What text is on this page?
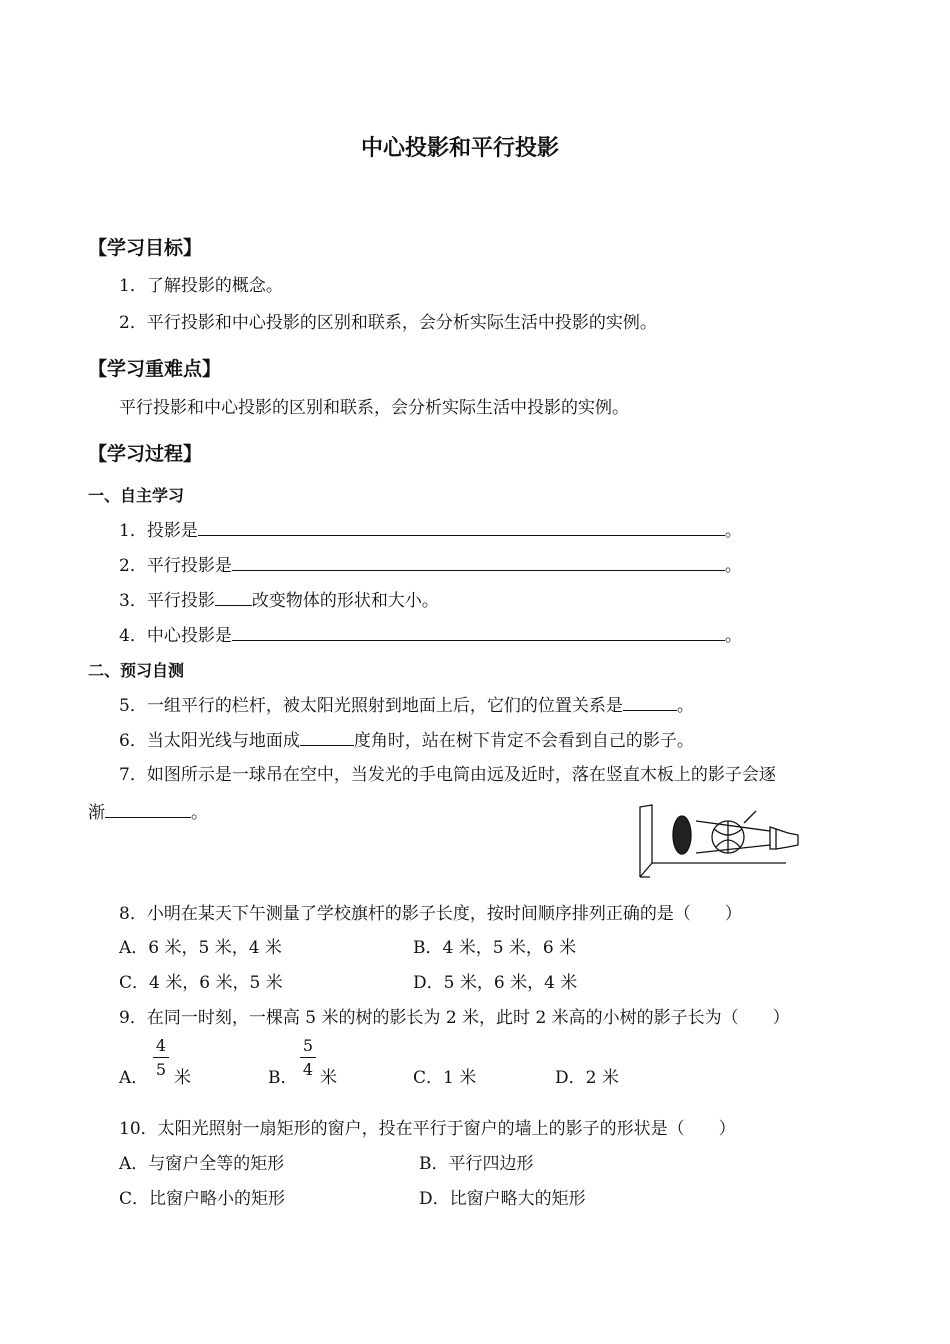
中心投影和平行投影
【学习目标】
1．了解投影的概念。
2．平行投影和中心投影的区别和联系，会分析实际生活中投影的实例。
【学习重难点】
平行投影和中心投影的区别和联系，会分析实际生活中投影的实例。
【学习过程】
一、自主学习
1．投影是	。
2．平行投影是	。
3．平行投影 改变物体的形状和大小。
4．中心投影是	。
二、预习自测
5．一组平行的栏杆，被太阳光照射到地面上后，它们的位置关系是	。
6．当太阳光线与地面成	度角时，站在树下肯定不会看到自己的影子。
7．如图所示是一球吊在空中，当发光的手电筒由远及近时，落在竖直木板上的影子会逐
渐	。
8．小明在某天下午测量了学校旗杆的影子长度，按时间顺序排列正确的是（　　）
A．6 米，5 米，4 米	B．4 米，5 米，6 米
C．4 米，6 米，5 米	D．5 米，6 米，4 米
9．在同一时刻，一棵高 5 米的树的影长为 2 米，此时 2 米高的小树的影子长为（　　）
A．
4
5 米	B．
5
4 米	C．1 米	D．2 米
10．太阳光照射一扇矩形的窗户，投在平行于窗户的墙上的影子的形状是（　　）
A．与窗户全等的矩形	B．平行四边形
C．比窗户略小的矩形	D．比窗户略大的矩形
